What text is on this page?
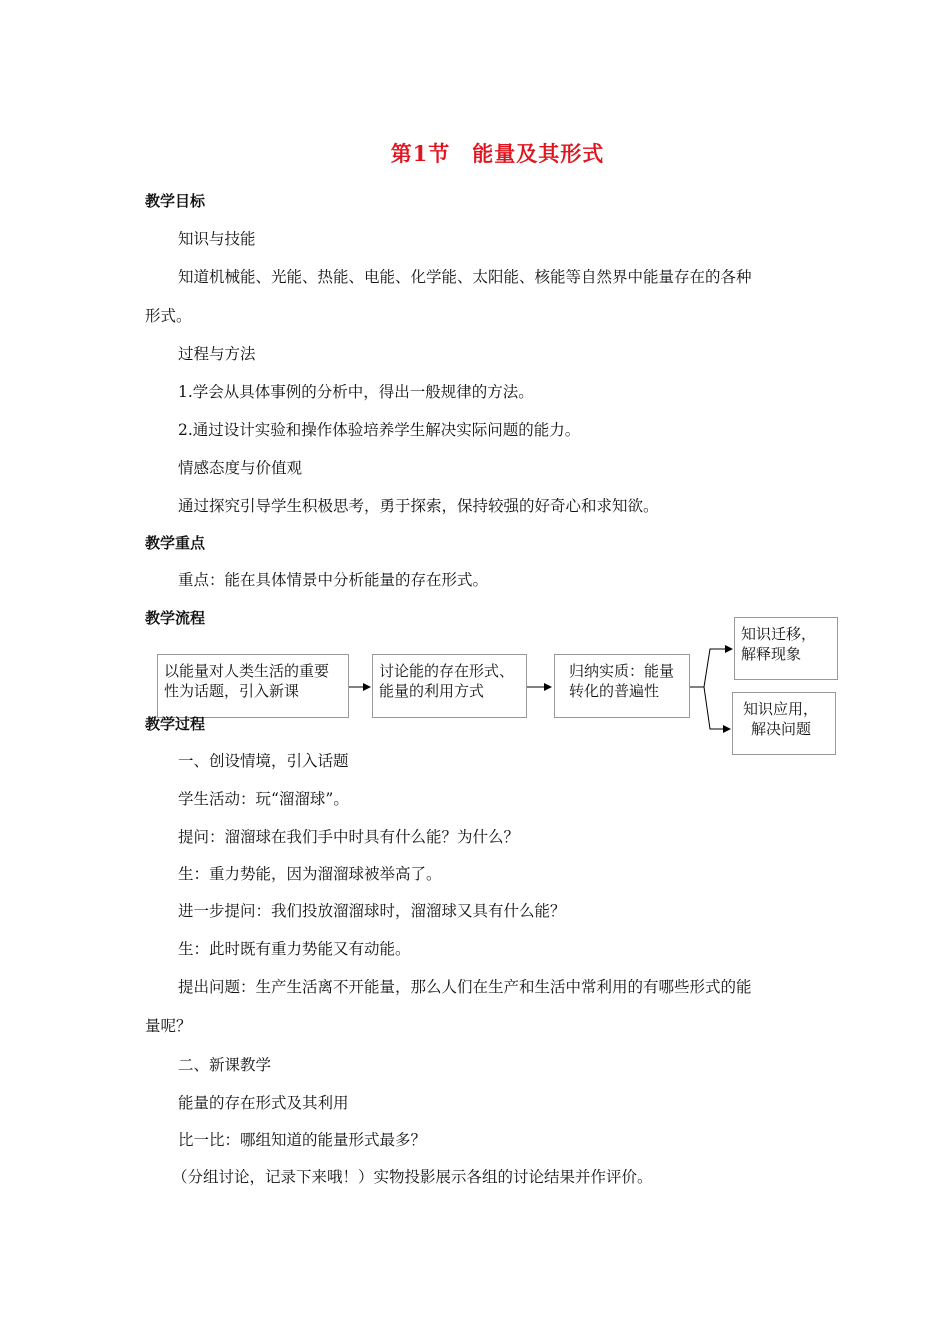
第1节　能量及其形式
教学目标
知识与技能
知道机械能、光能、热能、电能、化学能、太阳能、核能等自然界中能量存在的各种
形式。
过程与方法
1.学会从具体事例的分析中，得出一般规律的方法。
2.通过设计实验和操作体验培养学生解决实际问题的能力。
情感态度与价值观
通过探究引导学生积极思考，勇于探索，保持较强的好奇心和求知欲。
教学重点
重点：能在具体情景中分析能量的存在形式。
教学流程
以能量对人类生活的重要
性为话题，引入新课
讨论能的存在形式、
能量的利用方式
归纳实质：能量
转化的普遍性
知识迁移，
解释现象
知识应用，
解决问题
教学过程
一、创设情境，引入话题
学生活动：玩“溜溜球”。
提问：溜溜球在我们手中时具有什么能？为什么？
生：重力势能，因为溜溜球被举高了。
进一步提问：我们投放溜溜球时，溜溜球又具有什么能？
生：此时既有重力势能又有动能。
提出问题：生产生活离不开能量，那么人们在生产和生活中常利用的有哪些形式的能
量呢？
二、新课教学
能量的存在形式及其利用
比一比：哪组知道的能量形式最多？
（分组讨论，记录下来哦！）实物投影展示各组的讨论结果并作评价。
